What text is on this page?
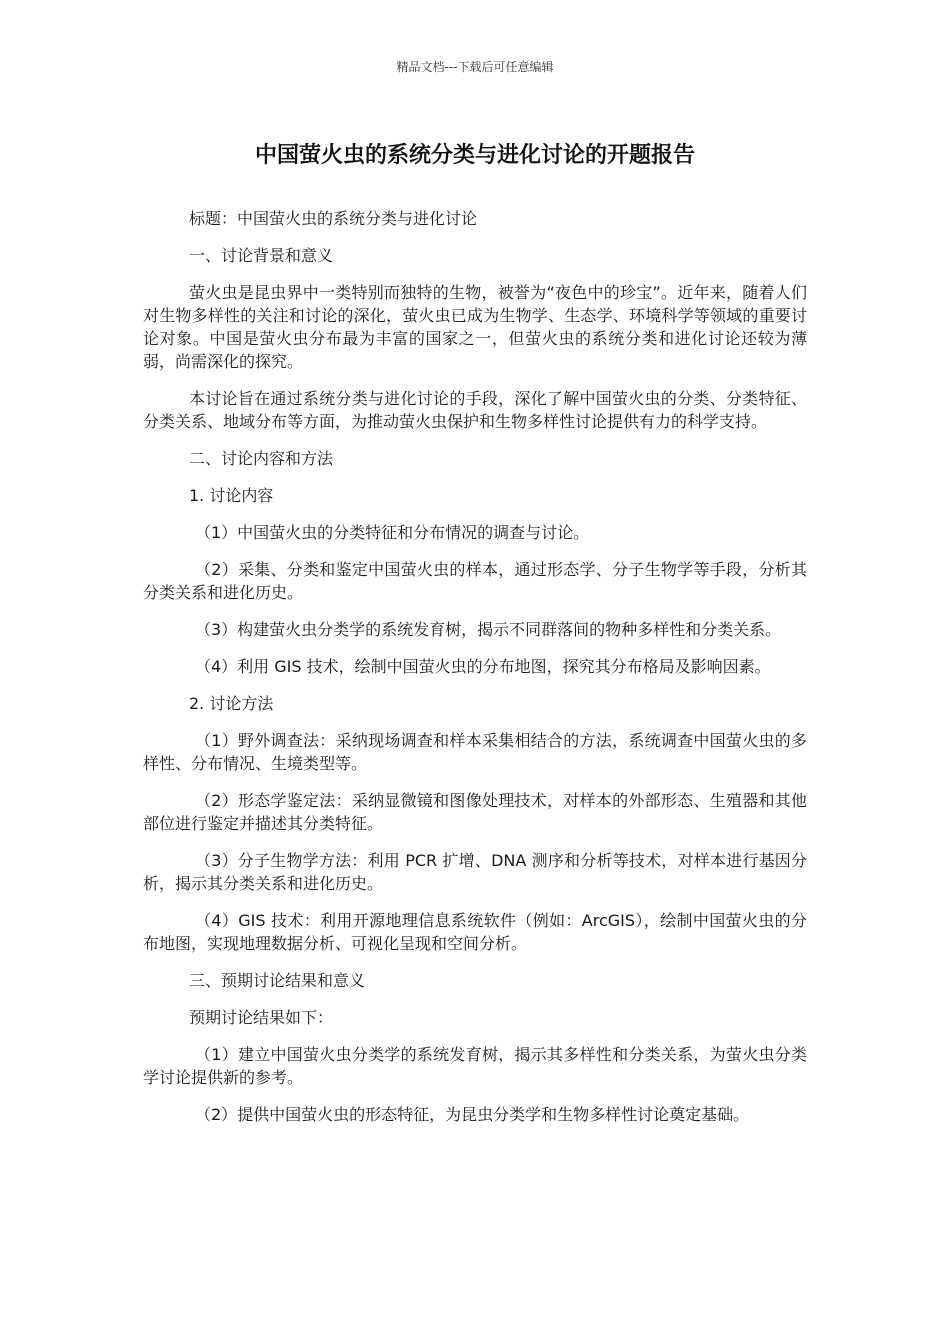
精品文档---下载后可任意编辑
中国萤火虫的系统分类与进化讨论的开题报告

标题：中国萤火虫的系统分类与进化讨论

一、讨论背景和意义

萤火虫是昆虫界中一类特别而独特的生物，被誉为“夜色中的珍宝”。近年来，随着人们对生物多样性的关注和讨论的深化，萤火虫已成为生物学、生态学、环境科学等领域的重要讨论对象。中国是萤火虫分布最为丰富的国家之一，但萤火虫的系统分类和进化讨论还较为薄弱，尚需深化的探究。

本讨论旨在通过系统分类与进化讨论的手段，深化了解中国萤火虫的分类、分类特征、分类关系、地域分布等方面，为推动萤火虫保护和生物多样性讨论提供有力的科学支持。

二、讨论内容和方法

1. 讨论内容

（1）中国萤火虫的分类特征和分布情况的调查与讨论。

（2）采集、分类和鉴定中国萤火虫的样本，通过形态学、分子生物学等手段，分析其分类关系和进化历史。

（3）构建萤火虫分类学的系统发育树，揭示不同群落间的物种多样性和分类关系。

（4）利用 GIS 技术，绘制中国萤火虫的分布地图，探究其分布格局及影响因素。

2. 讨论方法

（1）野外调查法：采纳现场调查和样本采集相结合的方法，系统调查中国萤火虫的多样性、分布情况、生境类型等。

（2）形态学鉴定法：采纳显微镜和图像处理技术，对样本的外部形态、生殖器和其他部位进行鉴定并描述其分类特征。

（3）分子生物学方法：利用 PCR 扩增、DNA 测序和分析等技术，对样本进行基因分析，揭示其分类关系和进化历史。

（4）GIS 技术：利用开源地理信息系统软件（例如：ArcGIS），绘制中国萤火虫的分布地图，实现地理数据分析、可视化呈现和空间分析。

三、预期讨论结果和意义

预期讨论结果如下：

（1）建立中国萤火虫分类学的系统发育树，揭示其多样性和分类关系，为萤火虫分类学讨论提供新的参考。

（2）提供中国萤火虫的形态特征，为昆虫分类学和生物多样性讨论奠定基础。
